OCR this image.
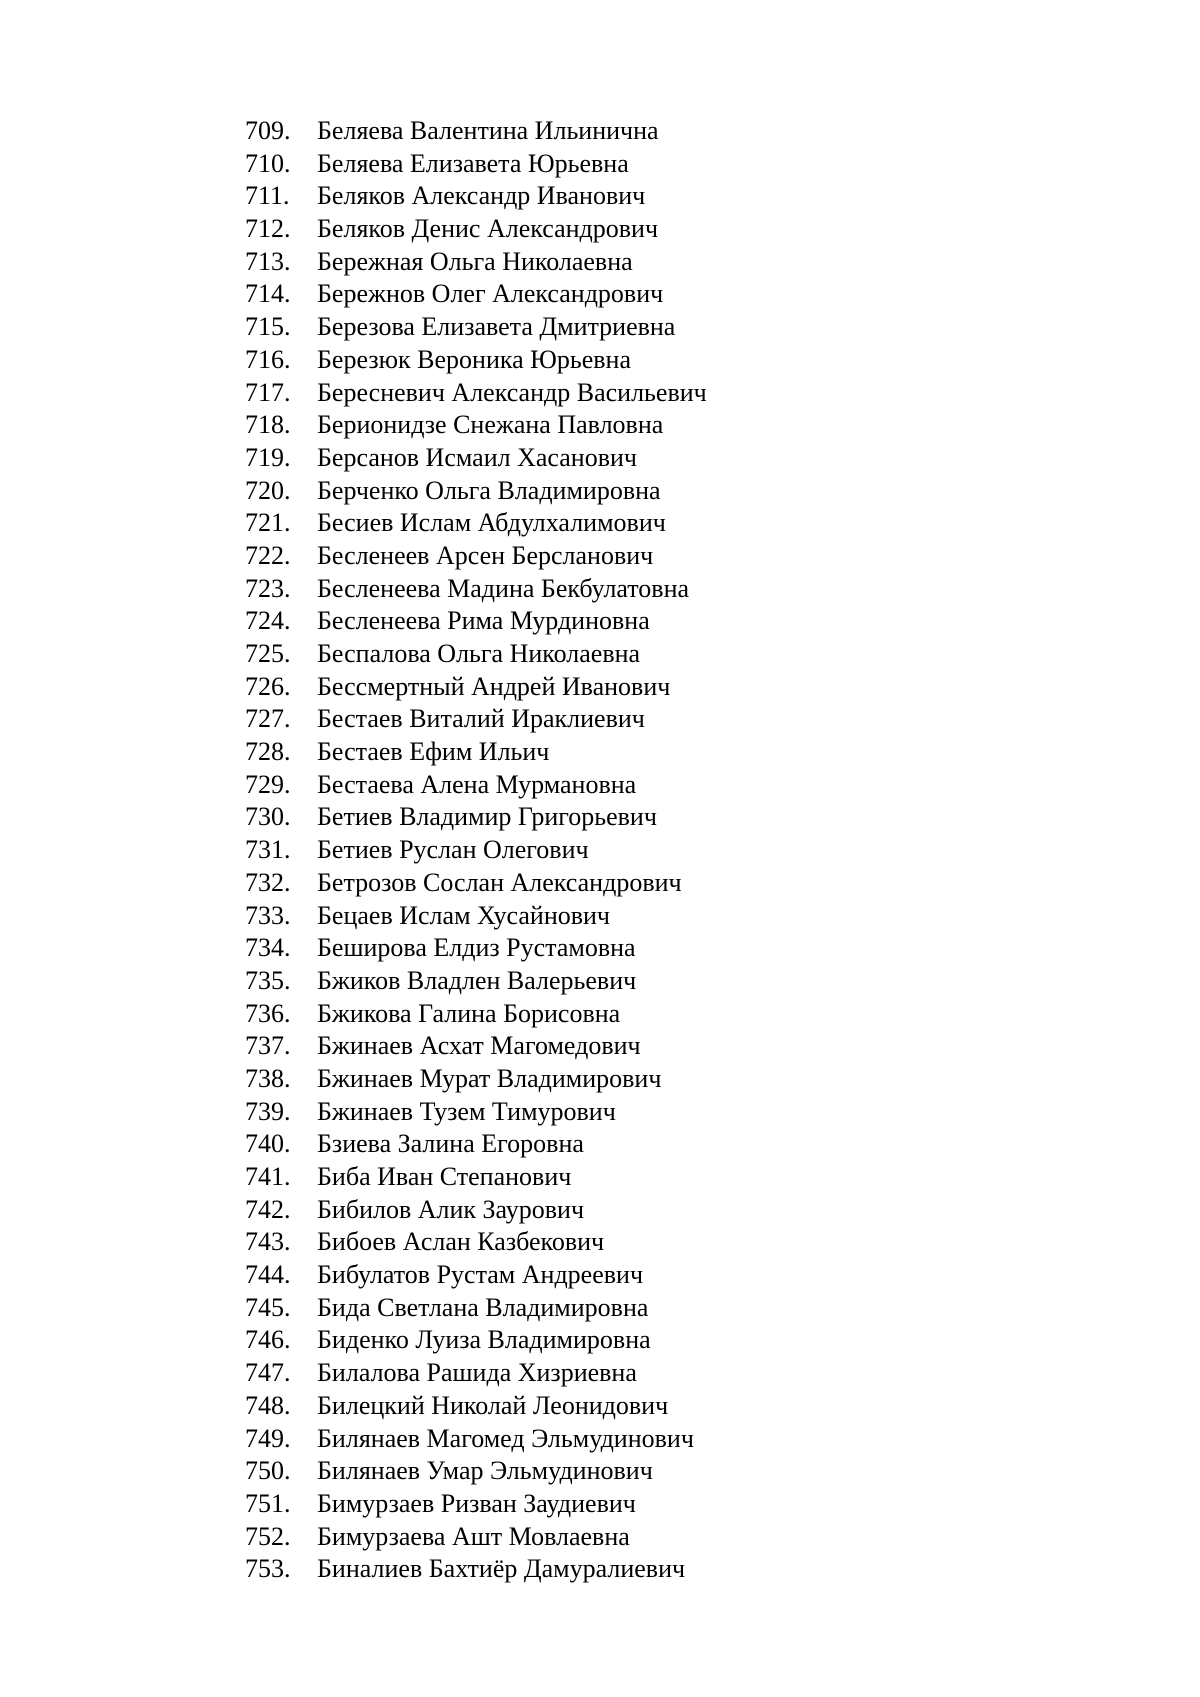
709. Беляева Валентина Ильинична
710. Беляева Елизавета Юрьевна
711. Беляков Александр Иванович
712. Беляков Денис Александрович
713. Бережная Ольга Николаевна
714. Бережнов Олег Александрович
715. Березова Елизавета Дмитриевна
716. Березюк Вероника Юрьевна
717. Бересневич Александр Васильевич
718. Берионидзе Снежана Павловна
719. Берсанов Исмаил Хасанович
720. Берченко Ольга Владимировна
721. Бесиев Ислам Абдулхалимович
722. Бесленеев Арсен Берсланович
723. Бесленеева Мадина Бекбулатовна
724. Бесленеева Рима Мурдиновна
725. Беспалова Ольга Николаевна
726. Бессмертный Андрей Иванович
727. Бестаев Виталий Ираклиевич
728. Бестаев Ефим Ильич
729. Бестаева Алена Мурмановна
730. Бетиев Владимир Григорьевич
731. Бетиев Руслан Олегович
732. Бетрозов Сослан Александрович
733. Бецаев Ислам Хусайнович
734. Беширова Елдиз Рустамовна
735. Бжиков Владлен Валерьевич
736. Бжикова Галина Борисовна
737. Бжинаев Асхат Магомедович
738. Бжинаев Мурат Владимирович
739. Бжинаев Тузем Тимурович
740. Бзиева Залина Егоровна
741. Биба Иван Степанович
742. Бибилов Алик Заурович
743. Бибоев Аслан Казбекович
744. Бибулатов Рустам Андреевич
745. Бида Светлана Владимировна
746. Биденко Луиза Владимировна
747. Билалова Рашида Хизриевна
748. Билецкий Николай Леонидович
749. Билянаев Магомед Эльмудинович
750. Билянаев Умар Эльмудинович
751. Бимурзаев Ризван Заудиевич
752. Бимурзаева Ашт Мовлаевна
753. Биналиев Бахтиёр Дамуралиевич
